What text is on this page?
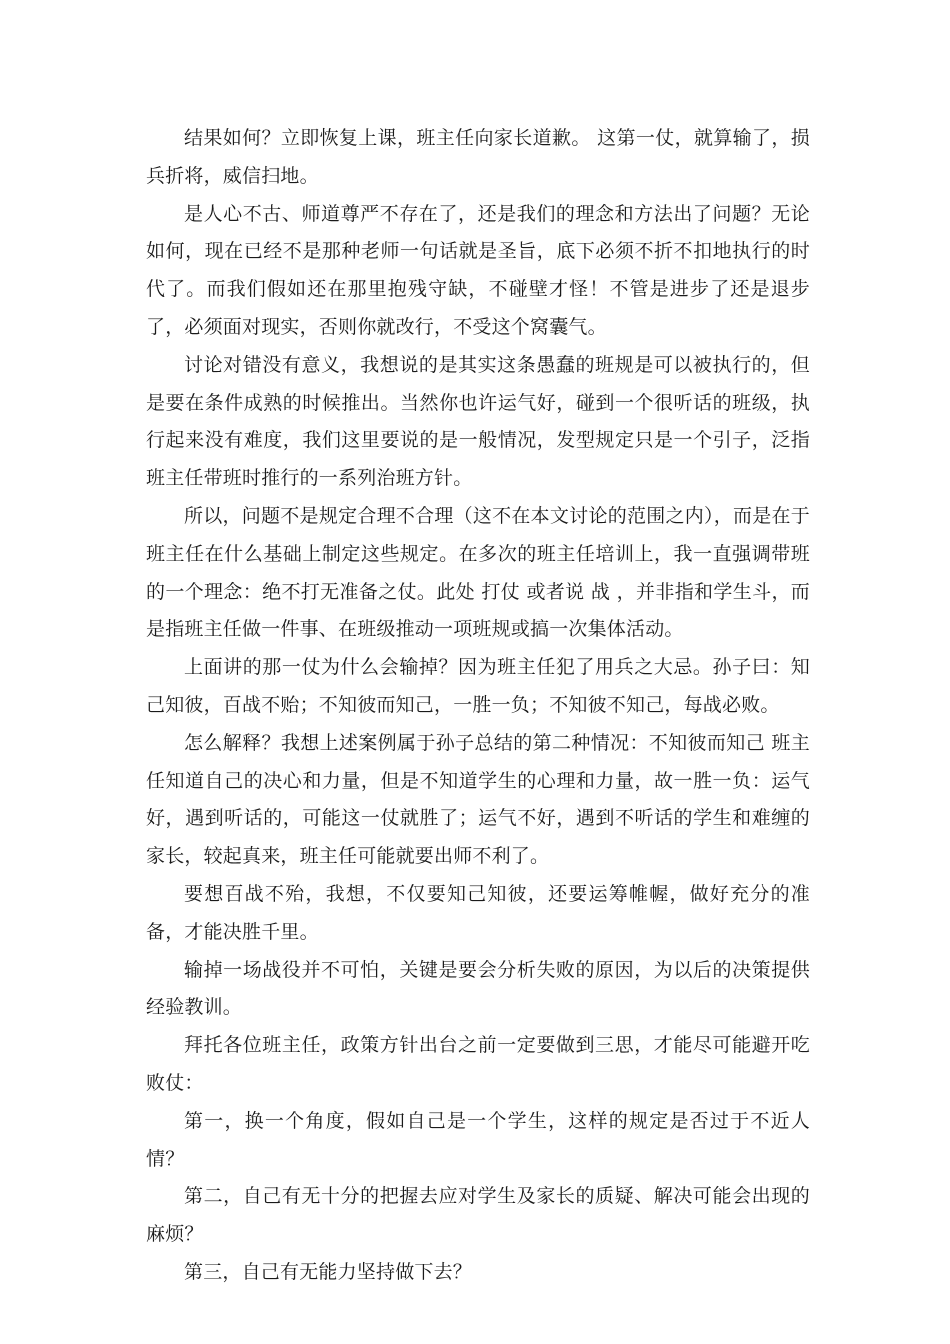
结果如何？立即恢复上课，班主任向家长道歉。 这第一仗，就算输了，损兵折将，威信扫地。

是人心不古、师道尊严不存在了，还是我们的理念和方法出了问题？无论如何，现在已经不是那种老师一句话就是圣旨，底下必须不折不扣地执行的时代了。而我们假如还在那里抱残守缺，不碰壁才怪！不管是进步了还是退步了，必须面对现实，否则你就改行，不受这个窝囊气。

讨论对错没有意义，我想说的是其实这条愚蠢的班规是可以被执行的，但是要在条件成熟的时候推出。当然你也许运气好，碰到一个很听话的班级，执行起来没有难度，我们这里要说的是一般情况，发型规定只是一个引子，泛指班主任带班时推行的一系列治班方针。

所以，问题不是规定合理不合理（这不在本文讨论的范围之内），而是在于班主任在什么基础上制定这些规定。在多次的班主任培训上，我一直强调带班的一个理念：绝不打无准备之仗。此处 打仗 或者说 战 ，并非指和学生斗，而是指班主任做一件事、在班级推动一项班规或搞一次集体活动。

上面讲的那一仗为什么会输掉？因为班主任犯了用兵之大忌。孙子曰：知己知彼，百战不贻；不知彼而知己，一胜一负；不知彼不知己，每战必败。

怎么解释？我想上述案例属于孙子总结的第二种情况：不知彼而知己 班主任知道自己的决心和力量，但是不知道学生的心理和力量，故一胜一负：运气好，遇到听话的，可能这一仗就胜了；运气不好，遇到不听话的学生和难缠的家长，较起真来，班主任可能就要出师不利了。

要想百战不殆，我想，不仅要知己知彼，还要运筹帷幄，做好充分的准备，才能决胜千里。

输掉一场战役并不可怕，关键是要会分析失败的原因，为以后的决策提供经验教训。

拜托各位班主任，政策方针出台之前一定要做到三思，才能尽可能避开吃败仗：

第一，换一个角度，假如自己是一个学生，这样的规定是否过于不近人情？

第二，自己有无十分的把握去应对学生及家长的质疑、解决可能会出现的麻烦？

第三，自己有无能力坚持做下去？
